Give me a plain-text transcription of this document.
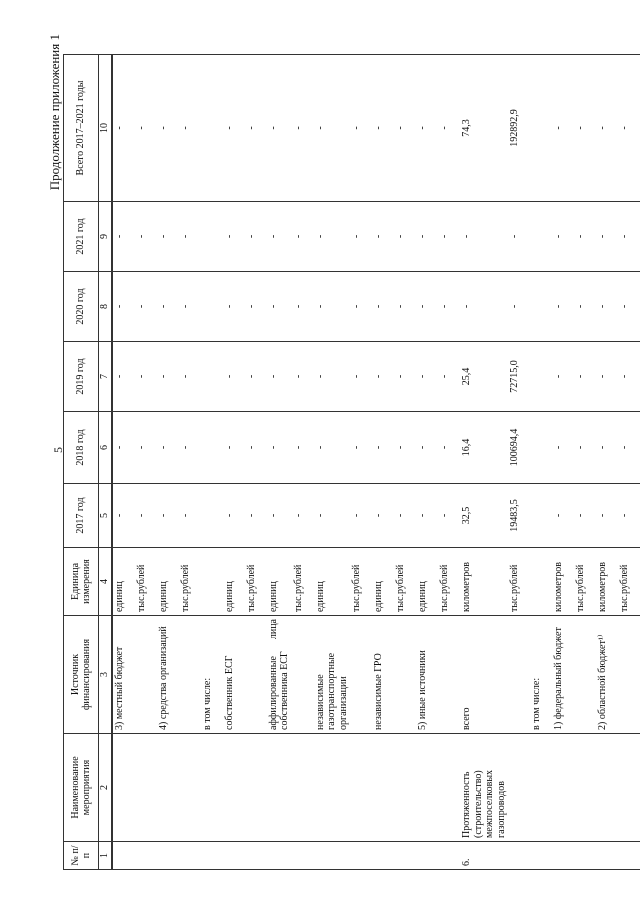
5
Продолжение приложения 1
№ п/п	Наименование мероприятия	Источник финансирования	Единица измерения	2017 год	2018 год	2019 год	2020 год	2021 год	Всего 2017–2021 годы
1	2	3	4	5	6	7	8	9	10
		3) местный бюджет	единиц	-	-	-	-	-	-
			тыс.рублей	-	-	-	-	-	-
		4) средства организаций	единиц	-	-	-	-	-	-
			тыс.рублей	-	-	-	-	-	-
		в том числе:							
		собственник ЕСГ	единиц	-	-	-	-	-	-
			тыс.рублей	-	-	-	-	-	-
		аффилированные лица собственника ЕСГ	единиц	-	-	-	-	-	-
			тыс.рублей	-	-	-	-	-	-
		независимые газотранспортные организации	единиц	-	-	-	-	-	-
			тыс.рублей	-	-	-	-	-	-
		независимые ГРО	единиц	-	-	-	-	-	-
			тыс.рублей	-	-	-	-	-	-
		5) иные источники	единиц	-	-	-	-	-	-
			тыс.рублей	-	-	-	-	-	-
6.	Протяженность (строительство) межпоселковых газопроводов	всего	километров	32,5	16,4	25,4	-	-	74,3
			тыс.рублей	19483,5	100694,4	72715,0	-	-	192892,9
		в том числе:							
		1) федеральный бюджет	километров	-	-	-	-	-	-
			тыс.рублей	-	-	-	-	-	-
		2) областной бюджет¹⁾	километров	-	-	-	-	-	-
			тыс.рублей	-	-	-	-	-	-
